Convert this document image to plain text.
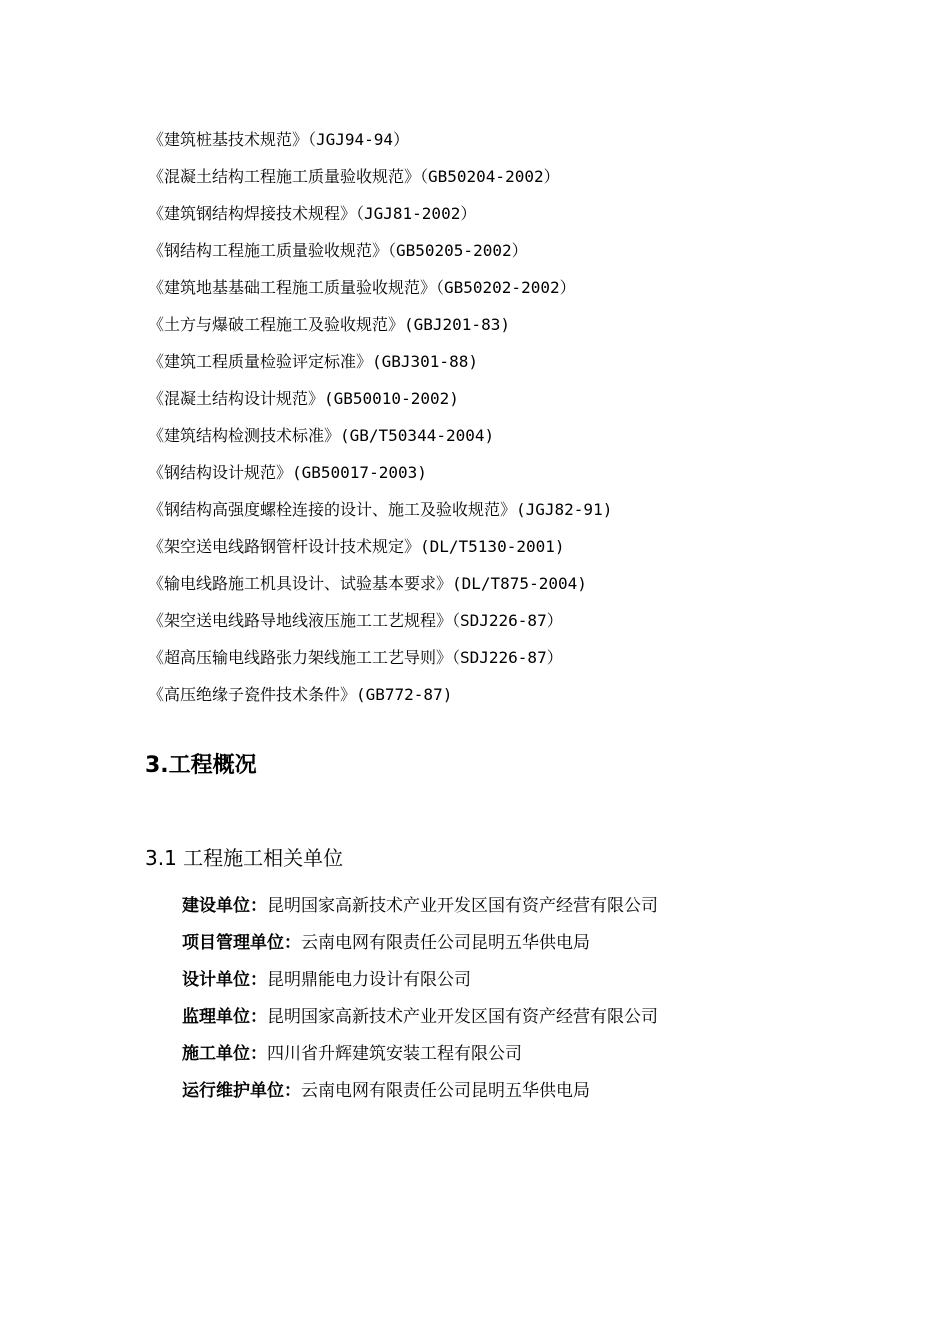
《建筑桩基技术规范》（JGJ94-94）
《混凝土结构工程施工质量验收规范》（GB50204-2002）
《建筑钢结构焊接技术规程》（JGJ81-2002）
《钢结构工程施工质量验收规范》（GB50205-2002）
《建筑地基基础工程施工质量验收规范》（GB50202-2002）
《土方与爆破工程施工及验收规范》(GBJ201-83)
《建筑工程质量检验评定标准》(GBJ301-88)
《混凝土结构设计规范》(GB50010-2002)
《建筑结构检测技术标准》(GB/T50344-2004)
《钢结构设计规范》(GB50017-2003)
《钢结构高强度螺栓连接的设计、施工及验收规范》(JGJ82-91)
《架空送电线路钢管杆设计技术规定》(DL/T5130-2001)
《输电线路施工机具设计、试验基本要求》(DL/T875-2004)
《架空送电线路导地线液压施工工艺规程》（SDJ226-87）
《超高压输电线路张力架线施工工艺导则》（SDJ226-87）
《高压绝缘子瓷件技术条件》(GB772-87)
3.工程概况
3.1 工程施工相关单位
建设单位：昆明国家高新技术产业开发区国有资产经营有限公司
项目管理单位：云南电网有限责任公司昆明五华供电局
设计单位：昆明鼎能电力设计有限公司
监理单位：昆明国家高新技术产业开发区国有资产经营有限公司
施工单位：四川省升辉建筑安装工程有限公司
运行维护单位：云南电网有限责任公司昆明五华供电局
